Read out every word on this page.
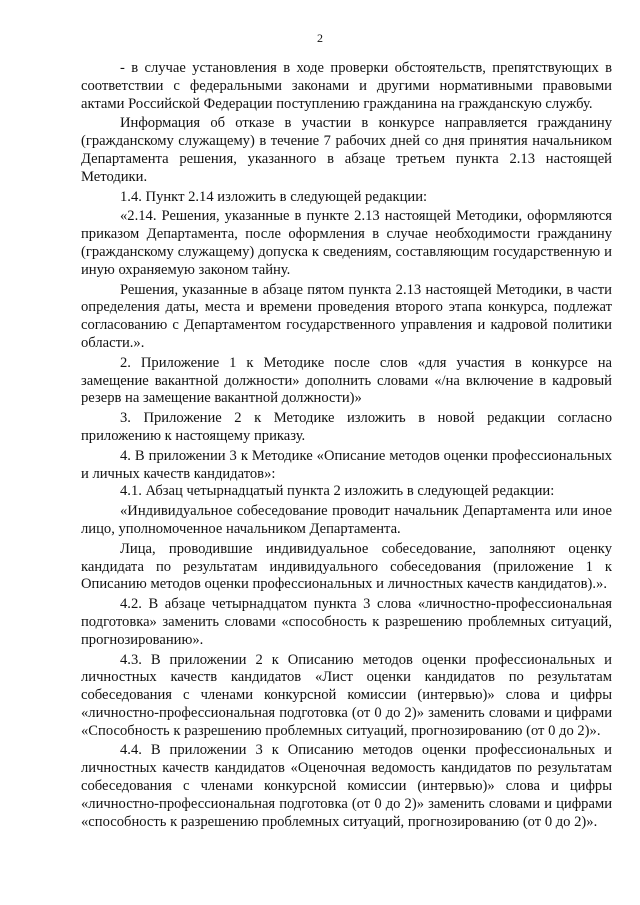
2

- в случае установления в ходе проверки обстоятельств, препятствующих в соответствии с федеральными законами и другими нормативными правовыми актами Российской Федерации поступлению гражданина на гражданскую службу.

Информация об отказе в участии в конкурсе направляется гражданину (гражданскому служащему) в течение 7 рабочих дней со дня принятия начальником Департамента решения, указанного в абзаце третьем пункта 2.13 настоящей Методики.

1.4. Пункт 2.14 изложить в следующей редакции:

«2.14. Решения, указанные в пункте 2.13 настоящей Методики, оформляются приказом Департамента, после оформления в случае необходимости гражданину (гражданскому служащему) допуска к сведениям, составляющим государственную и иную охраняемую законом тайну.

Решения, указанные в абзаце пятом пункта 2.13 настоящей Методики, в части определения даты, места и времени проведения второго этапа конкурса, подлежат согласованию с Департаментом государственного управления и кадровой политики области.».

2. Приложение 1 к Методике после слов «для участия в конкурсе на замещение вакантной должности» дополнить словами «/на включение в кадровый резерв на замещение вакантной должности)»

3. Приложение 2 к Методике изложить в новой редакции согласно приложению к настоящему приказу.

4. В приложении 3 к Методике «Описание методов оценки профессиональных и личных качеств кандидатов»:

4.1. Абзац четырнадцатый пункта 2 изложить в следующей редакции:

«Индивидуальное собеседование проводит начальник Департамента или иное лицо, уполномоченное начальником Департамента.

Лица, проводившие индивидуальное собеседование, заполняют оценку кандидата по результатам индивидуального собеседования (приложение 1 к Описанию методов оценки профессиональных и личностных качеств кандидатов).».

4.2. В абзаце четырнадцатом пункта 3 слова «личностно-профессиональная подготовка» заменить словами «способность к разрешению проблемных ситуаций, прогнозированию».

4.3. В приложении 2 к Описанию методов оценки профессиональных и личностных качеств кандидатов «Лист оценки кандидатов по результатам собеседования с членами конкурсной комиссии (интервью)» слова и цифры «личностно-профессиональная подготовка (от 0 до 2)» заменить словами и цифрами «Способность к разрешению проблемных ситуаций, прогнозированию (от 0 до 2)».

4.4. В приложении 3 к Описанию методов оценки профессиональных и личностных качеств кандидатов «Оценочная ведомость кандидатов по результатам собеседования с членами конкурсной комиссии (интервью)» слова и цифры «личностно-профессиональная подготовка (от 0 до 2)» заменить словами и цифрами «способность к разрешению проблемных ситуаций, прогнозированию (от 0 до 2)».
